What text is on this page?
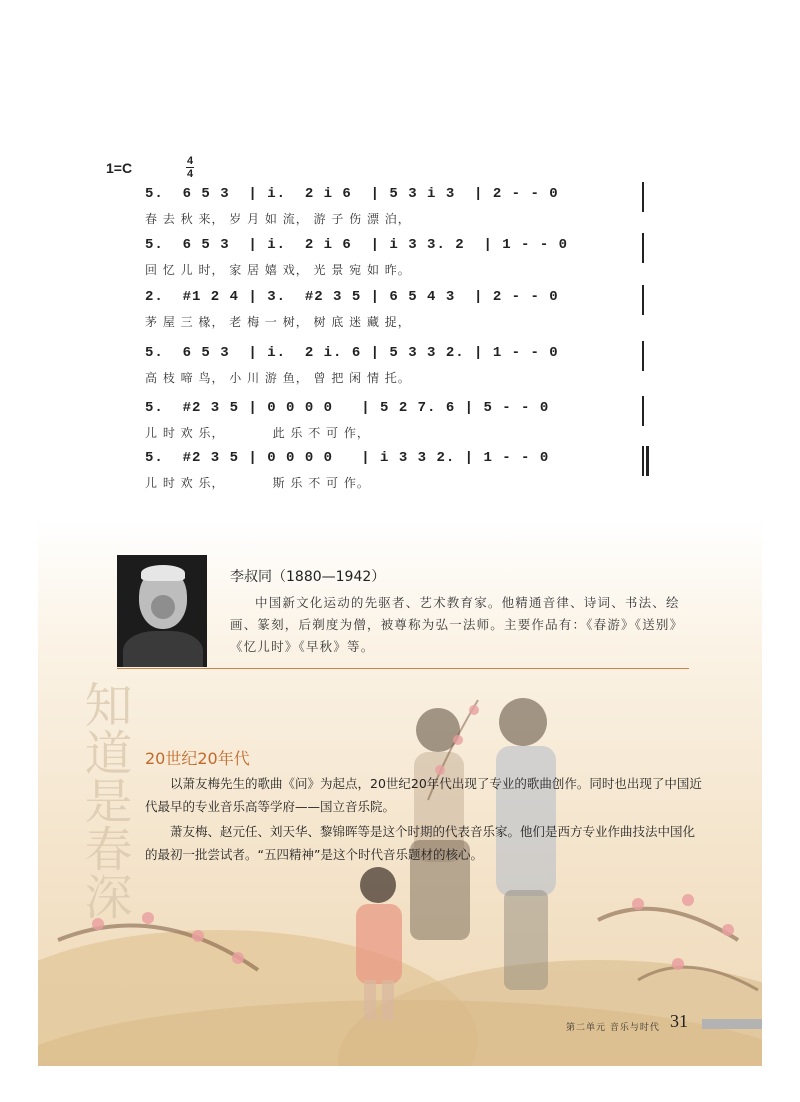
知道是春深
1=C	4
4
5.  6 5 3  | i.  2 i 6  | 5 3 i 3  | 2 - - 0
春 去 秋 来， 岁 月 如 流， 游 子 伤 漂 泊，
5.  6 5 3  | i.  2 i 6  | i 3 3. 2  | 1 - - 0
回 忆 儿 时， 家 居 嬉 戏， 光 景 宛 如 昨。
2.  #1 2 4 | 3.  #2 3 5 | 6 5 4 3  | 2 - - 0
茅 屋 三 椽， 老 梅 一 树， 树 底 迷 藏 捉，
5.  6 5 3  | i.  2 i. 6 | 5 3 3 2. | 1 - - 0
高 枝 啼 鸟， 小 川 游 鱼， 曾 把 闲 情 托。
5.  #2 3 5 | 0 0 0 0   | 5 2 7. 6 | 5 - - 0
儿 时 欢 乐，          此 乐 不 可 作，
5.  #2 3 5 | 0 0 0 0   | i 3 3 2. | 1 - - 0
儿 时 欢 乐，          斯 乐 不 可 作。
李叔同（1880—1942）
中国新文化运动的先驱者、艺术教育家。他精通音律、诗词、书法、绘画、篆刻，后剃度为僧，被尊称为弘一法师。主要作品有：《春游》《送别》《忆儿时》《早秋》等。
20世纪20年代
以萧友梅先生的歌曲《问》为起点，20世纪20年代出现了专业的歌曲创作。同时也出现了中国近代最早的专业音乐高等学府——国立音乐院。
萧友梅、赵元任、刘天华、黎锦晖等是这个时期的代表音乐家。他们是西方专业作曲技法中国化的最初一批尝试者。“五四精神”是这个时代音乐题材的核心。
第二单元 音乐与时代 31
